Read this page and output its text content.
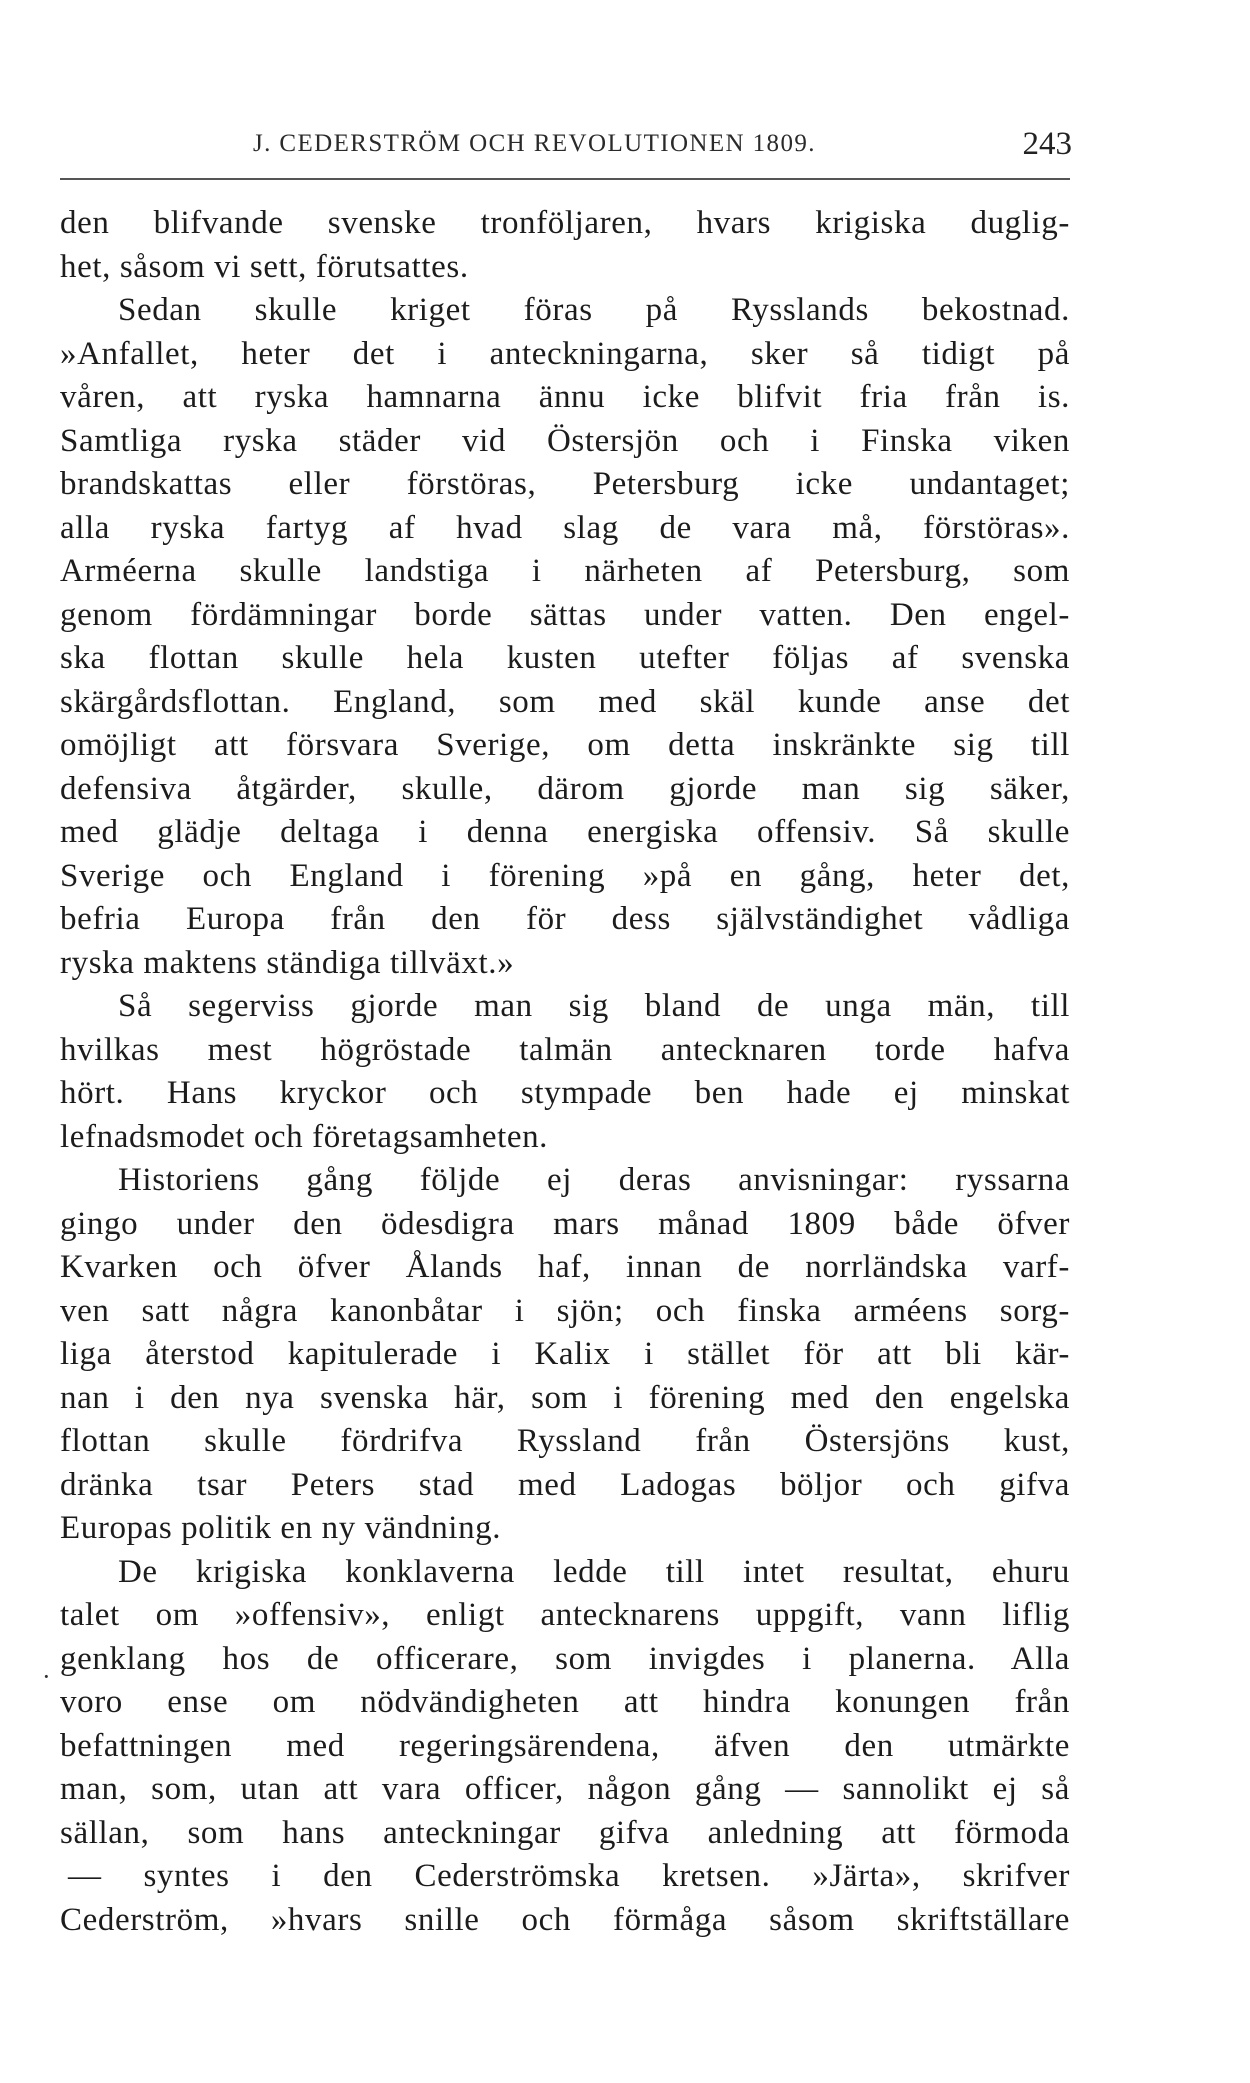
J. CEDERSTRÖM OCH REVOLUTIONEN 1809.	243
den blifvande svenske tronföljaren, hvars krigiska duglig-
het, såsom vi sett, förutsattes.
Sedan skulle kriget föras på Rysslands bekostnad.
»Anfallet, heter det i anteckningarna, sker så tidigt på
våren, att ryska hamnarna ännu icke blifvit fria från is.
Samtliga ryska städer vid Östersjön och i Finska viken
brandskattas eller förstöras, Petersburg icke undantaget;
alla ryska fartyg af hvad slag de vara må, förstöras».
Arméerna skulle landstiga i närheten af Petersburg, som
genom fördämningar borde sättas under vatten. Den engel-
ska flottan skulle hela kusten utefter följas af svenska
skärgårdsflottan. England, som med skäl kunde anse det
omöjligt att försvara Sverige, om detta inskränkte sig till
defensiva åtgärder, skulle, därom gjorde man sig säker,
med glädje deltaga i denna energiska offensiv. Så skulle
Sverige och England i förening »på en gång, heter det,
befria Europa från den för dess självständighet vådliga
ryska maktens ständiga tillväxt.»
Så segerviss gjorde man sig bland de unga män, till
hvilkas mest högröstade talmän antecknaren torde hafva
hört. Hans kryckor och stympade ben hade ej minskat
lefnadsmodet och företagsamheten.
Historiens gång följde ej deras anvisningar: ryssarna
gingo under den ödesdigra mars månad 1809 både öfver
Kvarken och öfver Ålands haf, innan de norrländska varf-
ven satt några kanonbåtar i sjön; och finska arméens sorg-
liga återstod kapitulerade i Kalix i stället för att bli kär-
nan i den nya svenska här, som i förening med den engelska
flottan skulle fördrifva Ryssland från Östersjöns kust,
dränka tsar Peters stad med Ladogas böljor och gifva
Europas politik en ny vändning.
De krigiska konklaverna ledde till intet resultat, ehuru
talet om »offensiv», enligt antecknarens uppgift, vann liflig
genklang hos de officerare, som invigdes i planerna. Alla
voro ense om nödvändigheten att hindra konungen från
befattningen med regeringsärendena, äfven den utmärkte
man, som, utan att vara officer, någon gång — sannolikt ej så
sällan, som hans anteckningar gifva anledning att förmoda
— syntes i den Cederströmska kretsen. »Järta», skrifver
Cederström, »hvars snille och förmåga såsom skriftställare
·
